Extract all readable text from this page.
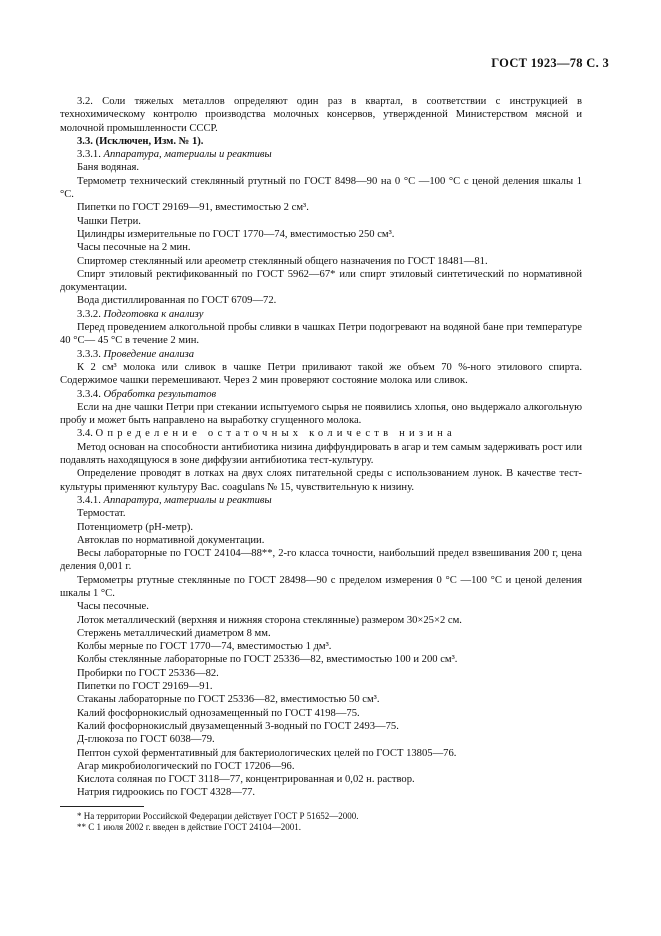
ГОСТ 1923—78 С. 3

3.2. Соли тяжелых металлов определяют один раз в квартал, в соответствии с инструкцией в технохимическому контролю производства молочных консервов, утвержденной Министерством мясной и молочной промышленности СССР.

3.3. (Исключен, Изм. № 1).

3.3.1. Аппаратура, материалы и реактивы

Баня водяная.

Термометр технический стеклянный ртутный по ГОСТ 8498—90 на 0 °С —100 °С с ценой деления шкалы 1 °С.

Пипетки по ГОСТ 29169—91, вместимостью 2 см³.

Чашки Петри.

Цилиндры измерительные по ГОСТ 1770—74, вместимостью 250 см³.

Часы песочные на 2 мин.

Спиртомер стеклянный или ареометр стеклянный общего назначения по ГОСТ 18481—81.

Спирт этиловый ректификованный по ГОСТ 5962—67* или спирт этиловый синтетический по нормативной документации.

Вода дистиллированная по ГОСТ 6709—72.

3.3.2. Подготовка к анализу

Перед проведением алкогольной пробы сливки в чашках Петри подогревают на водяной бане при температуре 40 °С— 45 °С в течение 2 мин.

3.3.3. Проведение анализа

К 2 см³ молока или сливок в чашке Петри приливают такой же объем 70 %-ного этилового спирта. Содержимое чашки перемешивают. Через 2 мин проверяют состояние молока или сливок.

3.3.4. Обработка результатов

Если на дне чашки Петри при стекании испытуемого сырья не появились хлопья, оно выдержало алкогольную пробу и может быть направлено на выработку сгущенного молока.

3.4. Определение остаточных количеств низина

Метод основан на способности антибиотика низина диффундировать в агар и тем самым задерживать рост или подавлять находящуюся в зоне диффузии антибиотика тест-культуру.

Определение проводят в лотках на двух слоях питательной среды с использованием лунок. В качестве тест-культуры применяют культуру Bac. coagulans № 15, чувствительную к низину.

3.4.1. Аппаратура, материалы и реактивы

Термостат.

Потенциометр (рН-метр).

Автоклав по нормативной документации.

Весы лабораторные по ГОСТ 24104—88**, 2-го класса точности, наибольший предел взвешивания 200 г, цена деления 0,001 г.

Термометры ртутные стеклянные по ГОСТ 28498—90 с пределом измерения 0 °С —100 °С и ценой деления шкалы 1 °С.

Часы песочные.

Лоток металлический (верхняя и нижняя сторона стеклянные) размером 30×25×2 см.

Стержень металлический диаметром 8 мм.

Колбы мерные по ГОСТ 1770—74, вместимостью 1 дм³.

Колбы стеклянные лабораторные по ГОСТ 25336—82, вместимостью 100 и 200 см³.

Пробирки по ГОСТ 25336—82.

Пипетки по ГОСТ 29169—91.

Стаканы лабораторные по ГОСТ 25336—82, вместимостью 50 см³.

Калий фосфорнокислый однозамещенный по ГОСТ 4198—75.

Калий фосфорнокислый двузамещенный 3-водный по ГОСТ 2493—75.

Д-глюкоза по ГОСТ 6038—79.

Пептон сухой ферментативный для бактериологических целей по ГОСТ 13805—76.

Агар микробиологический по ГОСТ 17206—96.

Кислота соляная по ГОСТ 3118—77, концентрированная и 0,02 н. раствор.

Натрия гидроокись по ГОСТ 4328—77.

* На территории Российской Федерации действует ГОСТ Р 51652—2000.

** С 1 июля 2002 г. введен в действие ГОСТ 24104—2001.
